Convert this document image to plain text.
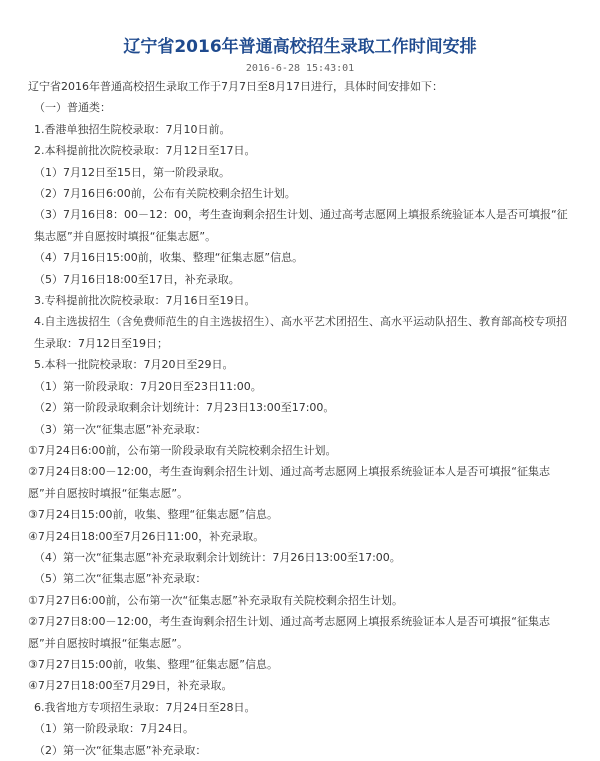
辽宁省2016年普通高校招生录取工作时间安排
2016-6-28 15:43:01

辽宁省2016年普通高校招生录取工作于7月7日至8月17日进行，具体时间安排如下：

（一）普通类：

1.香港单独招生院校录取：7月10日前。

2.本科提前批次院校录取：7月12日至17日。

（1）7月12日至15日，第一阶段录取。

（2）7月16日6:00前，公布有关院校剩余招生计划。

（3）7月16日8：00－12：00，考生查询剩余招生计划、通过高考志愿网上填报系统验证本人是否可填报“征集志愿”并自愿按时填报“征集志愿”。

（4）7月16日15:00前，收集、整理“征集志愿”信息。

（5）7月16日18:00至17日，补充录取。

3.专科提前批次院校录取：7月16日至19日。

4.自主选拔招生（含免费师范生的自主选拔招生）、高水平艺术团招生、高水平运动队招生、教育部高校专项招生录取：7月12日至19日；

5.本科一批院校录取：7月20日至29日。

（1）第一阶段录取：7月20日至23日11:00。

（2）第一阶段录取剩余计划统计：7月23日13:00至17:00。

（3）第一次“征集志愿”补充录取：

①7月24日6:00前，公布第一阶段录取有关院校剩余招生计划。

②7月24日8:00－12:00，考生查询剩余招生计划、通过高考志愿网上填报系统验证本人是否可填报“征集志愿”并自愿按时填报“征集志愿”。

③7月24日15:00前，收集、整理“征集志愿”信息。

④7月24日18:00至7月26日11:00，补充录取。

（4）第一次“征集志愿”补充录取剩余计划统计：7月26日13:00至17:00。

（5）第二次“征集志愿”补充录取：

①7月27日6:00前，公布第一次“征集志愿”补充录取有关院校剩余招生计划。

②7月27日8:00－12:00，考生查询剩余招生计划、通过高考志愿网上填报系统验证本人是否可填报“征集志愿”并自愿按时填报“征集志愿”。

③7月27日15:00前，收集、整理“征集志愿”信息。

④7月27日18:00至7月29日，补充录取。

6.我省地方专项招生录取：7月24日至28日。

（1）第一阶段录取：7月24日。

（2）第一次“征集志愿”补充录取：
